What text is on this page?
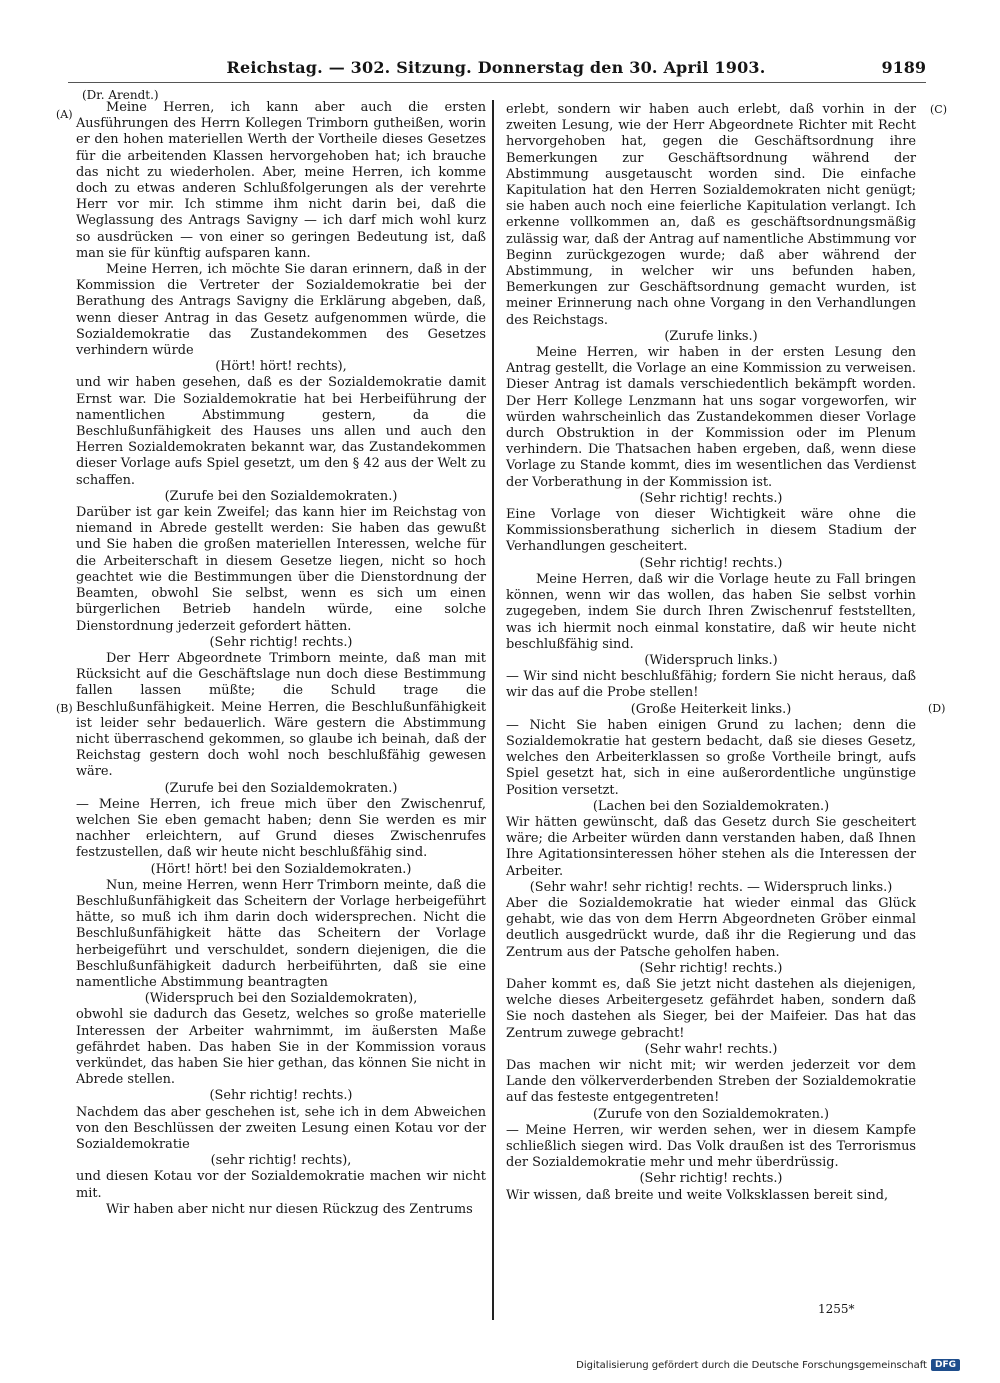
Reichstag. — 302. Sitzung. Donnerstag den 30. April 1903.	9189
(Dr. Arendt.)
(A)
(B)
(C)
(D)

Meine Herren, ich kann aber auch die ersten Ausführungen des Herrn Kollegen Trimborn gutheißen, worin er den hohen materiellen Werth der Vortheile dieses Gesetzes für die arbeitenden Klassen hervorgehoben hat; ich brauche das nicht zu wiederholen. Aber, meine Herren, ich komme doch zu etwas anderen Schlußfolgerungen als der verehrte Herr vor mir. Ich stimme ihm nicht darin bei, daß die Weglassung des Antrags Savigny — ich darf mich wohl kurz so ausdrücken — von einer so geringen Bedeutung ist, daß man sie für künftig aufsparen kann.

Meine Herren, ich möchte Sie daran erinnern, daß in der Kommission die Vertreter der Sozialdemokratie bei der Berathung des Antrags Savigny die Erklärung abgeben, daß, wenn dieser Antrag in das Gesetz aufgenommen würde, die Sozialdemokratie das Zustandekommen des Gesetzes verhindern würde

(Hört! hört! rechts),

und wir haben gesehen, daß es der Sozialdemokratie damit Ernst war. Die Sozialdemokratie hat bei Herbeiführung der namentlichen Abstimmung gestern, da die Beschlußunfähigkeit des Hauses uns allen und auch den Herren Sozialdemokraten bekannt war, das Zustandekommen dieser Vorlage aufs Spiel gesetzt, um den § 42 aus der Welt zu schaffen.

(Zurufe bei den Sozialdemokraten.)

Darüber ist gar kein Zweifel; das kann hier im Reichstag von niemand in Abrede gestellt werden: Sie haben das gewußt und Sie haben die großen materiellen Interessen, welche für die Arbeiterschaft in diesem Gesetze liegen, nicht so hoch geachtet wie die Bestimmungen über die Dienstordnung der Beamten, obwohl Sie selbst, wenn es sich um einen bürgerlichen Betrieb handeln würde, eine solche Dienstordnung jederzeit gefordert hätten.

(Sehr richtig! rechts.)

Der Herr Abgeordnete Trimborn meinte, daß man mit Rücksicht auf die Geschäftslage nun doch diese Bestimmung fallen lassen müßte; die Schuld trage die Beschlußunfähigkeit. Meine Herren, die Beschlußunfähigkeit ist leider sehr bedauerlich. Wäre gestern die Abstimmung nicht überraschend gekommen, so glaube ich beinah, daß der Reichstag gestern doch wohl noch beschlußfähig gewesen wäre.

(Zurufe bei den Sozialdemokraten.)

— Meine Herren, ich freue mich über den Zwischenruf, welchen Sie eben gemacht haben; denn Sie werden es mir nachher erleichtern, auf Grund dieses Zwischenrufes festzustellen, daß wir heute nicht beschlußfähig sind.

(Hört! hört! bei den Sozialdemokraten.)

Nun, meine Herren, wenn Herr Trimborn meinte, daß die Beschlußunfähigkeit das Scheitern der Vorlage herbeigeführt hätte, so muß ich ihm darin doch widersprechen. Nicht die Beschlußunfähigkeit hätte das Scheitern der Vorlage herbeigeführt und verschuldet, sondern diejenigen, die die Beschlußunfähigkeit dadurch herbeiführten, daß sie eine namentliche Abstimmung beantragten

(Widerspruch bei den Sozialdemokraten),

obwohl sie dadurch das Gesetz, welches so große materielle Interessen der Arbeiter wahrnimmt, im äußersten Maße gefährdet haben. Das haben Sie in der Kommission voraus verkündet, das haben Sie hier gethan, das können Sie nicht in Abrede stellen.

(Sehr richtig! rechts.)

Nachdem das aber geschehen ist, sehe ich in dem Abweichen von den Beschlüssen der zweiten Lesung einen Kotau vor der Sozialdemokratie

(sehr richtig! rechts),

und diesen Kotau vor der Sozialdemokratie machen wir nicht mit.

Wir haben aber nicht nur diesen Rückzug des Zentrums

erlebt, sondern wir haben auch erlebt, daß vorhin in der zweiten Lesung, wie der Herr Abgeordnete Richter mit Recht hervorgehoben hat, gegen die Geschäftsordnung ihre Bemerkungen zur Geschäftsordnung während der Abstimmung ausgetauscht worden sind. Die einfache Kapitulation hat den Herren Sozialdemokraten nicht genügt; sie haben auch noch eine feierliche Kapitulation verlangt. Ich erkenne vollkommen an, daß es geschäftsordnungsmäßig zulässig war, daß der Antrag auf namentliche Abstimmung vor Beginn zurückgezogen wurde; daß aber während der Abstimmung, in welcher wir uns befunden haben, Bemerkungen zur Geschäftsordnung gemacht wurden, ist meiner Erinnerung nach ohne Vorgang in den Verhandlungen des Reichstags.

(Zurufe links.)

Meine Herren, wir haben in der ersten Lesung den Antrag gestellt, die Vorlage an eine Kommission zu verweisen. Dieser Antrag ist damals verschiedentlich bekämpft worden. Der Herr Kollege Lenzmann hat uns sogar vorgeworfen, wir würden wahrscheinlich das Zustandekommen dieser Vorlage durch Obstruktion in der Kommission oder im Plenum verhindern. Die Thatsachen haben ergeben, daß, wenn diese Vorlage zu Stande kommt, dies im wesentlichen das Verdienst der Vorberathung in der Kommission ist.

(Sehr richtig! rechts.)

Eine Vorlage von dieser Wichtigkeit wäre ohne die Kommissionsberathung sicherlich in diesem Stadium der Verhandlungen gescheitert.

(Sehr richtig! rechts.)

Meine Herren, daß wir die Vorlage heute zu Fall bringen können, wenn wir das wollen, das haben Sie selbst vorhin zugegeben, indem Sie durch Ihren Zwischenruf feststellten, was ich hiermit noch einmal konstatire, daß wir heute nicht beschlußfähig sind.

(Widerspruch links.)

— Wir sind nicht beschlußfähig; fordern Sie nicht heraus, daß wir das auf die Probe stellen!

(Große Heiterkeit links.)

— Nicht Sie haben einigen Grund zu lachen; denn die Sozialdemokratie hat gestern bedacht, daß sie dieses Gesetz, welches den Arbeiterklassen so große Vortheile bringt, aufs Spiel gesetzt hat, sich in eine außerordentliche ungünstige Position versetzt.

(Lachen bei den Sozialdemokraten.)

Wir hätten gewünscht, daß das Gesetz durch Sie gescheitert wäre; die Arbeiter würden dann verstanden haben, daß Ihnen Ihre Agitationsinteressen höher stehen als die Interessen der Arbeiter.

(Sehr wahr! sehr richtig! rechts. — Widerspruch links.)

Aber die Sozialdemokratie hat wieder einmal das Glück gehabt, wie das von dem Herrn Abgeordneten Gröber einmal deutlich ausgedrückt wurde, daß ihr die Regierung und das Zentrum aus der Patsche geholfen haben.

(Sehr richtig! rechts.)

Daher kommt es, daß Sie jetzt nicht dastehen als diejenigen, welche dieses Arbeitergesetz gefährdet haben, sondern daß Sie noch dastehen als Sieger, bei der Maifeier. Das hat das Zentrum zuwege gebracht!

(Sehr wahr! rechts.)

Das machen wir nicht mit; wir werden jederzeit vor dem Lande den völkerverderbenden Streben der Sozialdemokratie auf das festeste entgegentreten!

(Zurufe von den Sozialdemokraten.)

— Meine Herren, wir werden sehen, wer in diesem Kampfe schließlich siegen wird. Das Volk draußen ist des Terrorismus der Sozialdemokratie mehr und mehr überdrüssig.

(Sehr richtig! rechts.)

Wir wissen, daß breite und weite Volksklassen bereit sind,

1255*
Digitalisierung gefördert durch die Deutsche Forschungsgemeinschaft DFG
